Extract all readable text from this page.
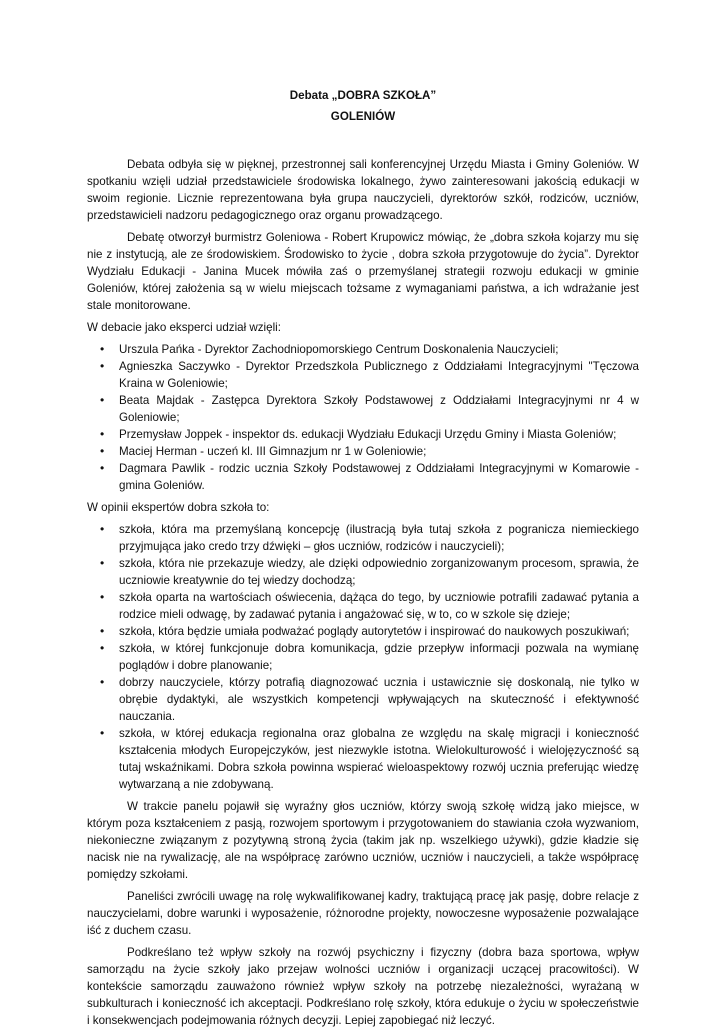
Debata „DOBRA SZKOŁA”

GOLENIÓW

Debata odbyła się w pięknej, przestronnej sali konferencyjnej Urzędu Miasta i Gminy Goleniów. W spotkaniu wzięli udział przedstawiciele środowiska lokalnego, żywo zainteresowani jakością edukacji w swoim regionie. Licznie reprezentowana była grupa nauczycieli, dyrektorów szkół, rodziców, uczniów, przedstawicieli nadzoru pedagogicznego oraz organu prowadzącego.

Debatę otworzył burmistrz Goleniowa - Robert Krupowicz mówiąc, że „dobra szkoła kojarzy mu się nie z instytucją, ale ze środowiskiem. Środowisko to życie , dobra szkoła przygotowuje do życia”. Dyrektor Wydziału Edukacji - Janina Mucek mówiła zaś o przemyślanej strategii rozwoju edukacji w gminie Goleniów, której założenia są w wielu miejscach tożsame z wymaganiami państwa, a ich wdrażanie jest stale monitorowane.

W debacie jako eksperci udział wzięli:

• Urszula Pańka - Dyrektor Zachodniopomorskiego Centrum Doskonalenia Nauczycieli;
• Agnieszka Saczywko - Dyrektor Przedszkola Publicznego z Oddziałami Integracyjnymi "Tęczowa Kraina w Goleniowie;
• Beata Majdak - Zastępca Dyrektora Szkoły Podstawowej z Oddziałami Integracyjnymi nr 4 w Goleniowie;
• Przemysław Joppek - inspektor ds. edukacji Wydziału Edukacji Urzędu Gminy i Miasta Goleniów;
• Maciej Herman - uczeń kl. III Gimnazjum nr 1 w Goleniowie;
• Dagmara Pawlik - rodzic ucznia Szkoły Podstawowej z Oddziałami Integracyjnymi w Komarowie - gmina Goleniów.

W opinii ekspertów dobra szkoła to:

• szkoła, która ma przemyślaną koncepcję (ilustracją była tutaj szkoła z pogranicza niemieckiego przyjmująca jako credo trzy dźwięki – głos uczniów, rodziców i nauczycieli);
• szkoła, która nie przekazuje wiedzy, ale dzięki odpowiednio zorganizowanym procesom, sprawia, że uczniowie kreatywnie do tej wiedzy dochodzą;
• szkoła oparta na wartościach oświecenia, dążąca do tego, by uczniowie potrafili zadawać pytania a rodzice mieli odwagę, by zadawać pytania i angażować się, w to, co w szkole się dzieje;
• szkoła, która będzie umiała podważać poglądy autorytetów i inspirować do naukowych poszukiwań;
• szkoła, w której funkcjonuje dobra komunikacja, gdzie przepływ informacji pozwala na wymianę poglądów i dobre planowanie;
• dobrzy nauczyciele, którzy potrafią diagnozować ucznia i ustawicznie się doskonalą, nie tylko w obrębie dydaktyki, ale wszystkich kompetencji wpływających na skuteczność i efektywność nauczania.
• szkoła, w której edukacja regionalna oraz globalna ze względu na skalę migracji i konieczność kształcenia młodych Europejczyków, jest niezwykle istotna. Wielokulturowość i wielojęzyczność są tutaj wskaźnikami. Dobra szkoła powinna wspierać wieloaspektowy rozwój ucznia preferując wiedzę wytwarzaną a nie zdobywaną.

W trakcie panelu pojawił się wyraźny głos uczniów, którzy swoją szkołę widzą jako miejsce, w którym poza kształceniem z pasją, rozwojem sportowym i przygotowaniem do stawiania czoła wyzwaniom, niekonieczne związanym z pozytywną stroną życia (takim jak np. wszelkiego używki), gdzie kładzie się nacisk nie na rywalizację, ale na współpracę zarówno uczniów, uczniów i nauczycieli, a także współpracę pomiędzy szkołami.

Paneliści zwrócili uwagę na rolę wykwalifikowanej kadry, traktującą pracę jak pasję, dobre relacje z nauczycielami, dobre warunki i wyposażenie, różnorodne projekty, nowoczesne wyposażenie pozwalające iść z duchem czasu.

Podkreślano też wpływ szkoły na rozwój psychiczny i fizyczny (dobra baza sportowa, wpływ samorządu na życie szkoły jako przejaw wolności uczniów i organizacji uczącej pracowitości). W kontekście samorządu zauważono również wpływ szkoły na potrzebę niezależności, wyrażaną w subkulturach i konieczność ich akceptacji. Podkreślano rolę szkoły, która edukuje o życiu w społeczeństwie i konsekwencjach podejmowania różnych decyzji. Lepiej zapobiegać niż leczyć.
